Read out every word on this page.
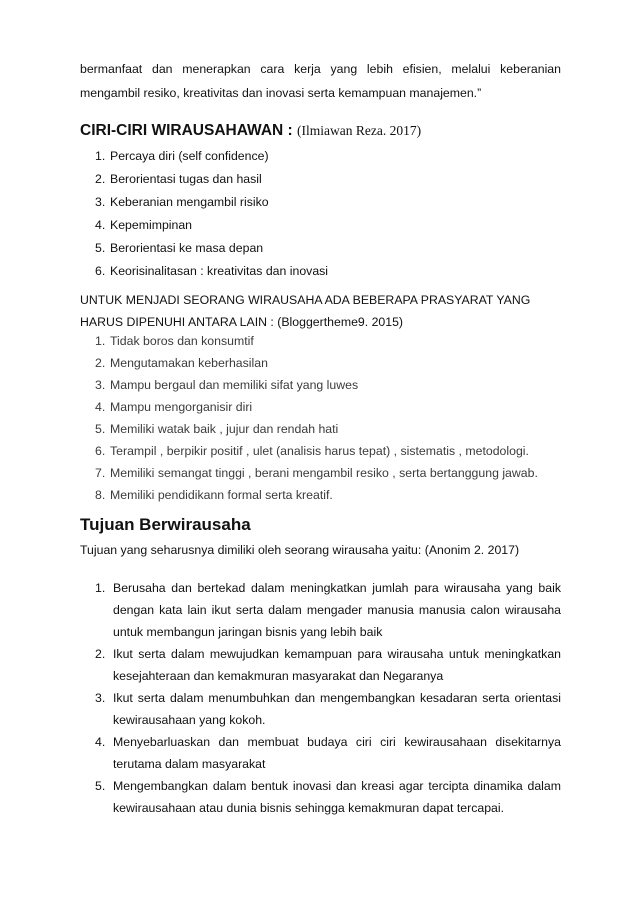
bermanfaat dan menerapkan cara kerja yang lebih efisien, melalui keberanian mengambil resiko, kreativitas dan inovasi serta kemampuan manajemen.”

CIRI-CIRI WIRAUSAHAWAN : (Ilmiawan Reza. 2017)
1. Percaya diri (self confidence)
2. Berorientasi tugas dan hasil
3. Keberanian mengambil risiko
4. Kepemimpinan
5. Berorientasi ke masa depan
6. Keorisinalitasan : kreativitas dan inovasi

UNTUK MENJADI SEORANG WIRAUSAHA ADA BEBERAPA PRASYARAT YANG HARUS DIPENUHI ANTARA LAIN : (Bloggertheme9. 2015)

1. Tidak boros dan konsumtif
2. Mengutamakan keberhasilan
3. Mampu bergaul dan memiliki sifat yang luwes
4. Mampu mengorganisir diri
5. Memiliki watak baik , jujur dan rendah hati
6. Terampil , berpikir positif , ulet (analisis harus tepat) , sistematis , metodologi.
7. Memiliki semangat tinggi , berani mengambil resiko , serta bertanggung jawab.
8. Memiliki pendidikann formal serta kreatif.
Tujuan Berwirausaha
Tujuan yang seharusnya dimiliki oleh seorang wirausaha yaitu: (Anonim 2. 2017)
1. Berusaha dan bertekad dalam meningkatkan jumlah para wirausaha yang baik dengan kata lain ikut serta dalam mengader manusia manusia calon wirausaha untuk membangun jaringan bisnis yang lebih baik
2. Ikut serta dalam mewujudkan kemampuan para wirausaha untuk meningkatkan kesejahteraan dan kemakmuran masyarakat dan Negaranya
3. Ikut serta dalam menumbuhkan dan mengembangkan kesadaran serta orientasi kewirausahaan yang kokoh.
4. Menyebarluaskan dan membuat budaya ciri ciri kewirausahaan disekitarnya terutama dalam masyarakat
5. Mengembangkan dalam bentuk inovasi dan kreasi agar tercipta dinamika dalam kewirausahaan atau dunia bisnis sehingga kemakmuran dapat tercapai.
